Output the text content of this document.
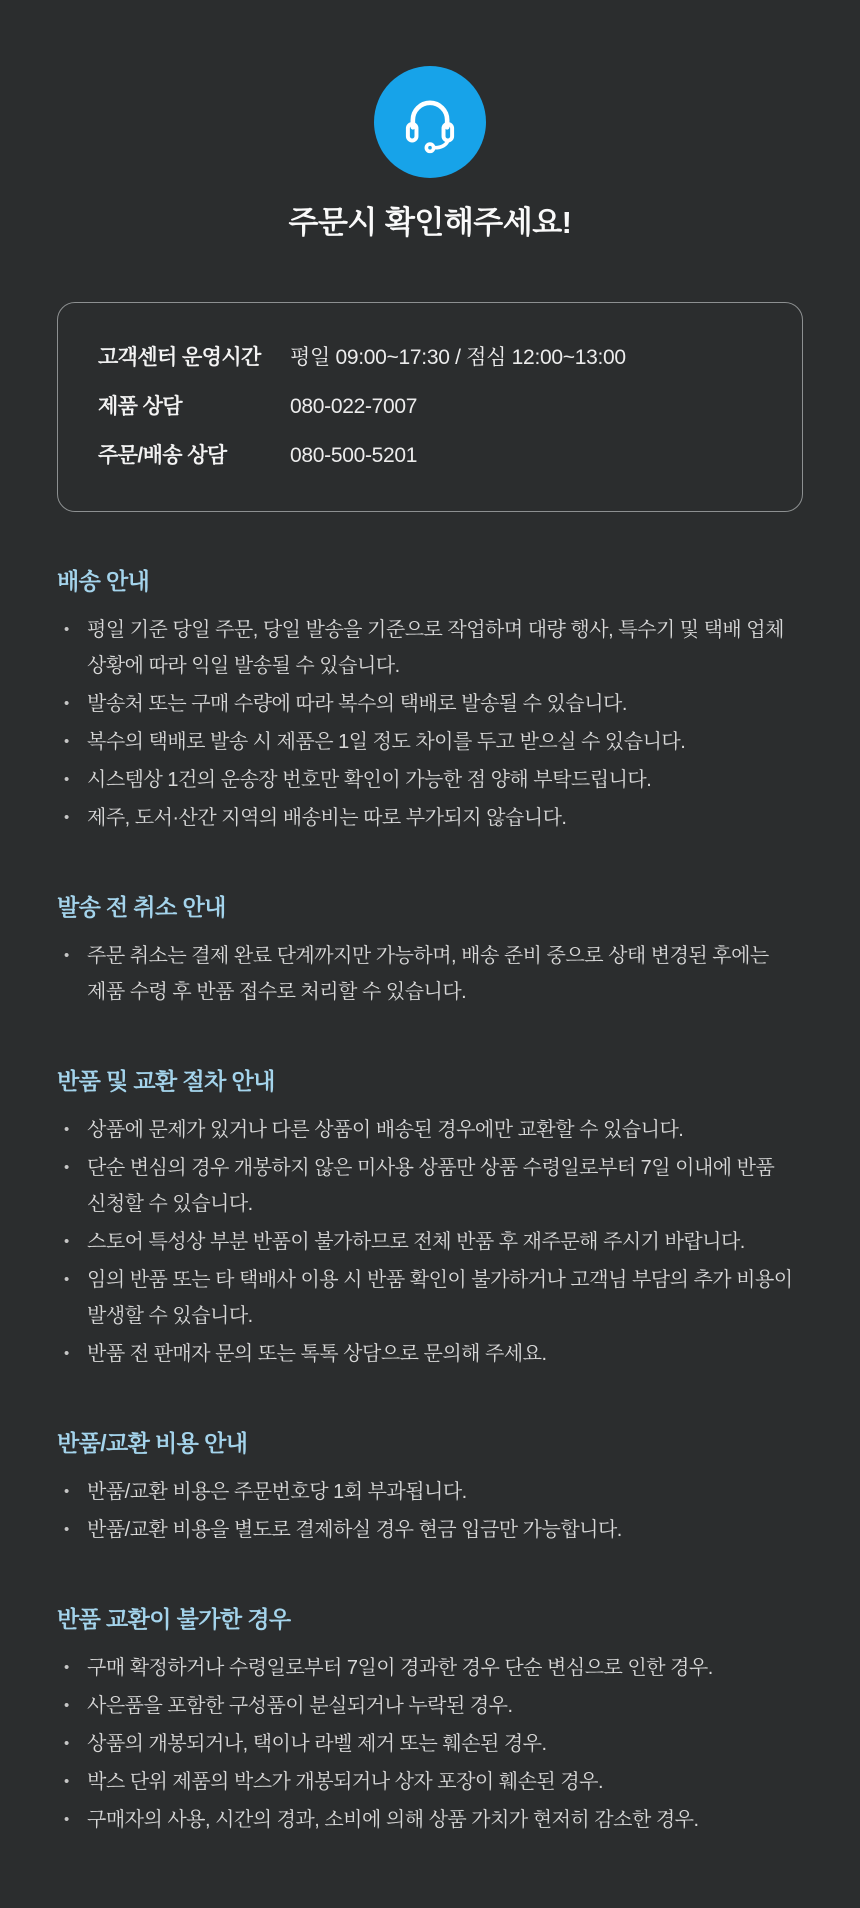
주문시 확인해주세요!
고객센터 운영시간	평일 09:00~17:30 / 점심 12:00~13:00
제품 상담	080-022-7007
주문/배송 상담	080-500-5201
배송 안내
• 평일 기준 당일 주문, 당일 발송을 기준으로 작업하며 대량 행사, 특수기 및 택배 업체 상황에 따라 익일 발송될 수 있습니다.
• 발송처 또는 구매 수량에 따라 복수의 택배로 발송될 수 있습니다.
• 복수의 택배로 발송 시 제품은 1일 정도 차이를 두고 받으실 수 있습니다.
• 시스템상 1건의 운송장 번호만 확인이 가능한 점 양해 부탁드립니다.
• 제주, 도서·산간 지역의 배송비는 따로 부가되지 않습니다.
발송 전 취소 안내
• 주문 취소는 결제 완료 단계까지만 가능하며, 배송 준비 중으로 상태 변경된 후에는 제품 수령 후 반품 접수로 처리할 수 있습니다.
반품 및 교환 절차 안내
• 상품에 문제가 있거나 다른 상품이 배송된 경우에만 교환할 수 있습니다.
• 단순 변심의 경우 개봉하지 않은 미사용 상품만 상품 수령일로부터 7일 이내에 반품 신청할 수 있습니다.
• 스토어 특성상 부분 반품이 불가하므로 전체 반품 후 재주문해 주시기 바랍니다.
• 임의 반품 또는 타 택배사 이용 시 반품 확인이 불가하거나 고객님 부담의 추가 비용이 발생할 수 있습니다.
• 반품 전 판매자 문의 또는 톡톡 상담으로 문의해 주세요.
반품/교환 비용 안내
• 반품/교환 비용은 주문번호당 1회 부과됩니다.
• 반품/교환 비용을 별도로 결제하실 경우 현금 입금만 가능합니다.
반품 교환이 불가한 경우
• 구매 확정하거나 수령일로부터 7일이 경과한 경우 단순 변심으로 인한 경우.
• 사은품을 포함한 구성품이 분실되거나 누락된 경우.
• 상품의 개봉되거나, 택이나 라벨 제거 또는 훼손된 경우.
• 박스 단위 제품의 박스가 개봉되거나 상자 포장이 훼손된 경우.
• 구매자의 사용, 시간의 경과, 소비에 의해 상품 가치가 현저히 감소한 경우.
